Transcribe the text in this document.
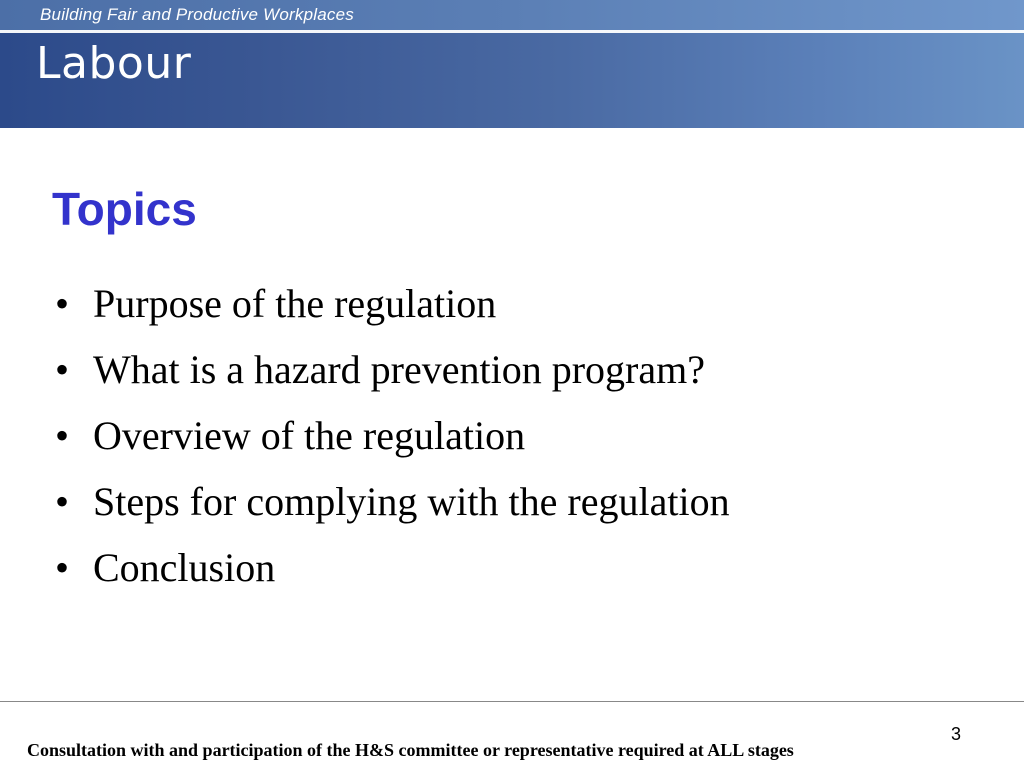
Building Fair and Productive Workplaces
Labour
Topics
• Purpose of the regulation
• What is a hazard prevention program?
• Overview of the regulation
• Steps for complying with the regulation
• Conclusion
3
Consultation with and participation of the H&S committee or representative required at ALL stages
